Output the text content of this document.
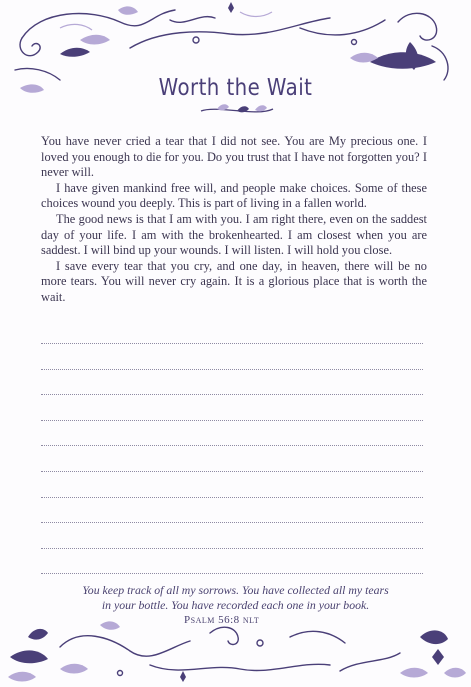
Worth the Wait

You have never cried a tear that I did not see. You are My precious one. I loved you enough to die for you. Do you trust that I have not forgotten you? I never will.

I have given mankind free will, and people make choices. Some of these choices wound you deeply. This is part of living in a fallen world.

The good news is that I am with you. I am right there, even on the saddest day of your life. I am with the brokenhearted. I am closest when you are saddest. I will bind up your wounds. I will listen. I will hold you close.

I save every tear that you cry, and one day, in heaven, there will be no more tears. You will never cry again. It is a glorious place that is worth the wait.

You keep track of all my sorrows. You have collected all my tears
in your bottle. You have recorded each one in your book.
Psalm 56:8 nlt
